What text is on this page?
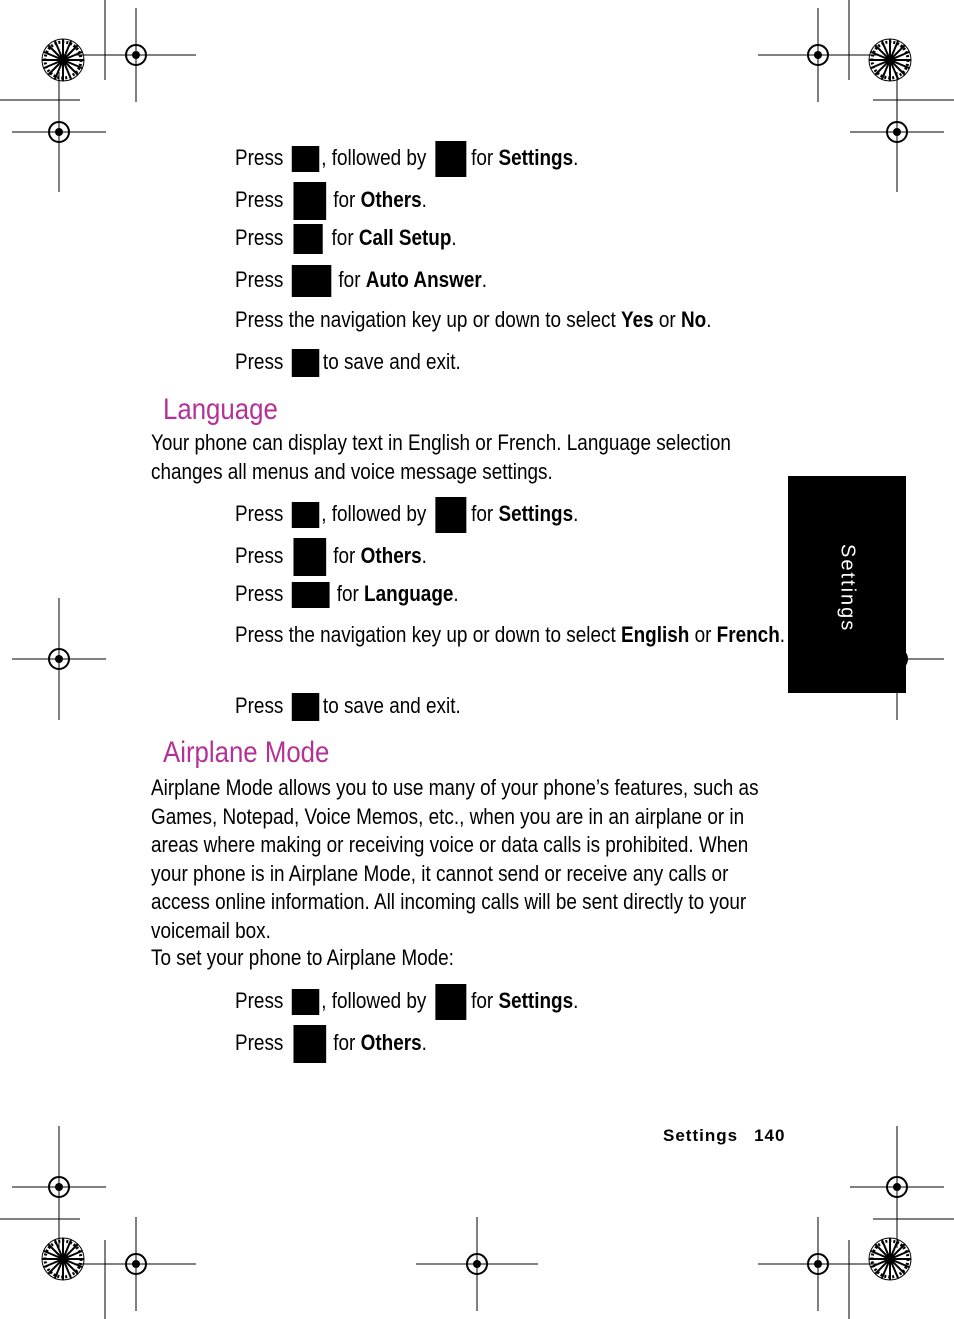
Press , followed by for Settings.
Press for Others.
Press for Call Setup.
Press	for Auto Answer.
Press the navigation key up or down to select Yes or No.
Press to save and exit.
Language
Your phone can display text in English or French. Language selection changes all menus and voice message settings.
Press , followed by for Settings.
Press for Others.
Press for Language.
Press the navigation key up or down to select English or French.
Press to save and exit.
Airplane Mode
Airplane Mode allows you to use many of your phone’s features, such as Games, Notepad, Voice Memos, etc., when you are in an airplane or in areas where making or receiving voice or data calls is prohibited. When your phone is in Airplane Mode, it cannot send or receive any calls or access online information. All incoming calls will be sent directly to your voicemail box.
To set your phone to Airplane Mode:
Press , followed by for Settings.
Press for Others.
Settings
Settings 140
